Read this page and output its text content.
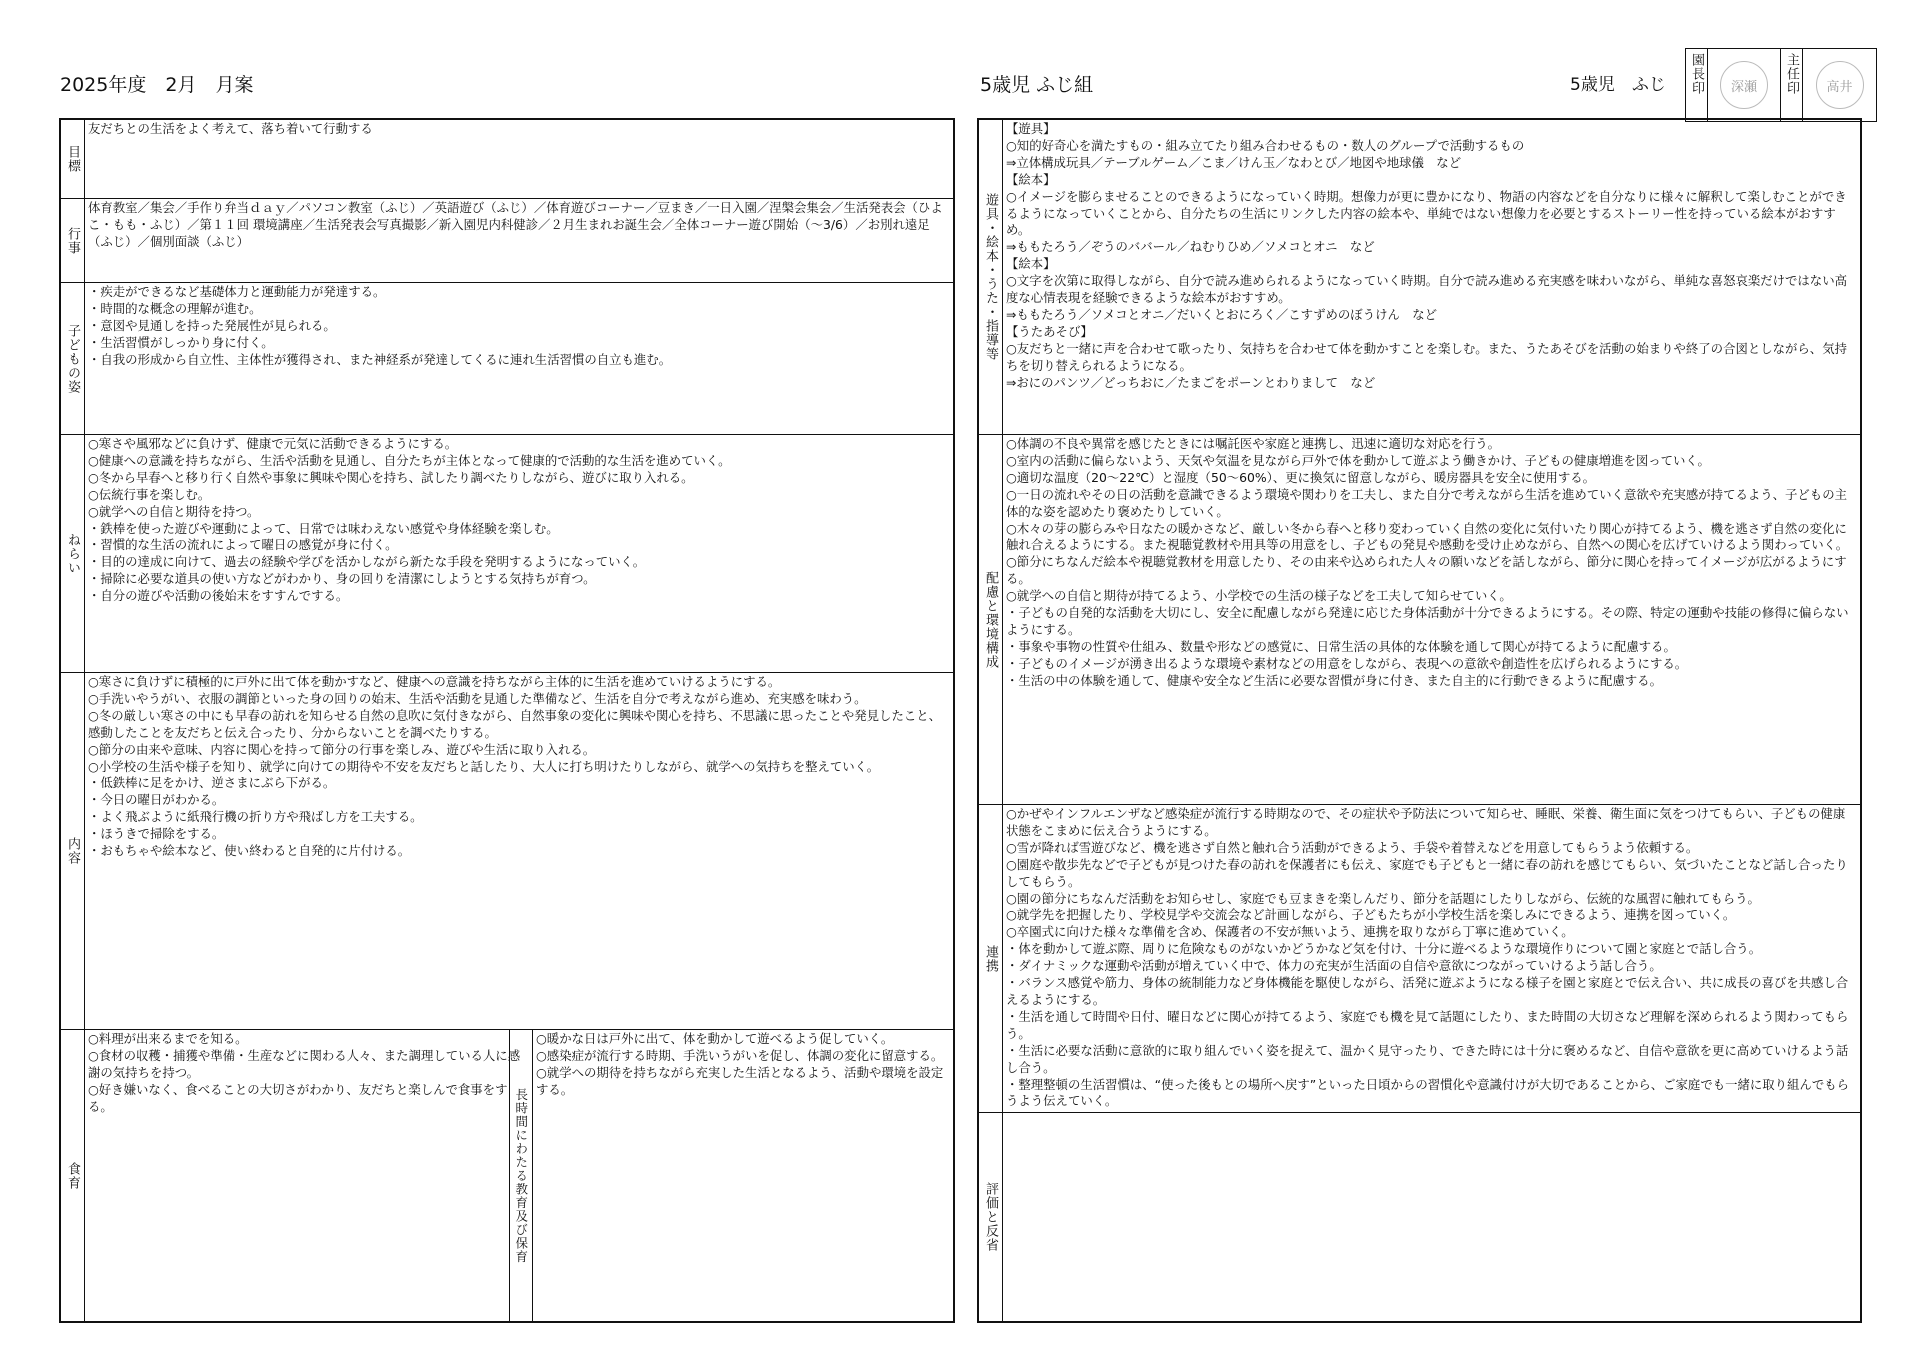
2025年度　2月　月案	5歳児 ふじ組	5歳児　ふじ 園長印	深瀬	主任印	高井
目標
友だちとの生活をよく考えて、落ち着いて行動する
行事
体育教室／集会／手作り弁当ｄａｙ／パソコン教室（ふじ）／英語遊び（ふじ）／体育遊びコーナー／豆まき／一日入園／涅槃会集会／生活発表会（ひよこ・もも・ふじ）／第１１回 環境講座／生活発表会写真撮影／新入園児内科健診／２月生まれお誕生会／全体コーナー遊び開始（～3/6）／お別れ遠足（ふじ）／個別面談（ふじ）
子どもの姿
・疾走ができるなど基礎体力と運動能力が発達する。
・時間的な概念の理解が進む。
・意図や見通しを持った発展性が見られる。
・生活習慣がしっかり身に付く。
・自我の形成から自立性、主体性が獲得され、また神経系が発達してくるに連れ生活習慣の自立も進む。
ねらい
○寒さや風邪などに負けず、健康で元気に活動できるようにする。
○健康への意識を持ちながら、生活や活動を見通し、自分たちが主体となって健康的で活動的な生活を進めていく。
○冬から早春へと移り行く自然や事象に興味や関心を持ち、試したり調べたりしながら、遊びに取り入れる。
○伝統行事を楽しむ。
○就学への自信と期待を持つ。
・鉄棒を使った遊びや運動によって、日常では味わえない感覚や身体経験を楽しむ。
・習慣的な生活の流れによって曜日の感覚が身に付く。
・目的の達成に向けて、過去の経験や学びを活かしながら新たな手段を発明するようになっていく。
・掃除に必要な道具の使い方などがわかり、身の回りを清潔にしようとする気持ちが育つ。
・自分の遊びや活動の後始末をすすんでする。
内容
○寒さに負けずに積極的に戸外に出て体を動かすなど、健康への意識を持ちながら主体的に生活を進めていけるようにする。
○手洗いやうがい、衣服の調節といった身の回りの始末、生活や活動を見通した準備など、生活を自分で考えながら進め、充実感を味わう。
○冬の厳しい寒さの中にも早春の訪れを知らせる自然の息吹に気付きながら、自然事象の変化に興味や関心を持ち、不思議に思ったことや発見したこと、感動したことを友だちと伝え合ったり、分からないことを調べたりする。
○節分の由来や意味、内容に関心を持って節分の行事を楽しみ、遊びや生活に取り入れる。
○小学校の生活や様子を知り、就学に向けての期待や不安を友だちと話したり、大人に打ち明けたりしながら、就学への気持ちを整えていく。
・低鉄棒に足をかけ、逆さまにぶら下がる。
・今日の曜日がわかる。
・よく飛ぶように紙飛行機の折り方や飛ばし方を工夫する。
・ほうきで掃除をする。
・おもちゃや絵本など、使い終わると自発的に片付ける。
食育
○料理が出来るまでを知る。
○食材の収穫・捕獲や準備・生産などに関わる人々、また調理している人に感謝の気持ちを持つ。
○好き嫌いなく、食べることの大切さがわかり、友だちと楽しんで食事をする。	長時間にわたる教育及び保育
○暖かな日は戸外に出て、体を動かして遊べるよう促していく。
○感染症が流行する時期、手洗いうがいを促し、体調の変化に留意する。
○就学への期待を持ちながら充実した生活となるよう、活動や環境を設定する。
遊具・絵本・うた・指導等
【遊具】
○知的好奇心を満たすもの・組み立てたり組み合わせるもの・数人のグループで活動するもの
⇒立体構成玩具／テーブルゲーム／こま／けん玉／なわとび／地図や地球儀　など
【絵本】
○イメージを膨らませることのできるようになっていく時期。想像力が更に豊かになり、物語の内容などを自分なりに様々に解釈して楽しむことができるようになっていくことから、自分たちの生活にリンクした内容の絵本や、単純ではない想像力を必要とするストーリー性を持っている絵本がおすすめ。
⇒ももたろう／ぞうのババール／ねむりひめ／ソメコとオニ　など
【絵本】
○文字を次第に取得しながら、自分で読み進められるようになっていく時期。自分で読み進める充実感を味わいながら、単純な喜怒哀楽だけではない高度な心情表現を経験できるような絵本がおすすめ。
⇒ももたろう／ソメコとオニ／だいくとおにろく／こすずめのぼうけん　など
【うたあそび】
○友だちと一緒に声を合わせて歌ったり、気持ちを合わせて体を動かすことを楽しむ。また、うたあそびを活動の始まりや終了の合図としながら、気持ちを切り替えられるようになる。
⇒おにのパンツ／どっちおに／たまごをポーンとわりまして　など
配慮と環境構成
○体調の不良や異常を感じたときには嘱託医や家庭と連携し、迅速に適切な対応を行う。
○室内の活動に偏らないよう、天気や気温を見ながら戸外で体を動かして遊ぶよう働きかけ、子どもの健康増進を図っていく。
○適切な温度（20～22℃）と湿度（50～60%）、更に換気に留意しながら、暖房器具を安全に使用する。
○一日の流れやその日の活動を意識できるよう環境や関わりを工夫し、また自分で考えながら生活を進めていく意欲や充実感が持てるよう、子どもの主体的な姿を認めたり褒めたりしていく。
○木々の芽の膨らみや日なたの暖かさなど、厳しい冬から春へと移り変わっていく自然の変化に気付いたり関心が持てるよう、機を逃さず自然の変化に触れ合えるようにする。また視聴覚教材や用具等の用意をし、子どもの発見や感動を受け止めながら、自然への関心を広げていけるよう関わっていく。
○節分にちなんだ絵本や視聴覚教材を用意したり、その由来や込められた人々の願いなどを話しながら、節分に関心を持ってイメージが広がるようにする。
○就学への自信と期待が持てるよう、小学校での生活の様子などを工夫して知らせていく。
・子どもの自発的な活動を大切にし、安全に配慮しながら発達に応じた身体活動が十分できるようにする。その際、特定の運動や技能の修得に偏らないようにする。
・事象や事物の性質や仕組み、数量や形などの感覚に、日常生活の具体的な体験を通して関心が持てるように配慮する。
・子どものイメージが湧き出るような環境や素材などの用意をしながら、表現への意欲や創造性を広げられるようにする。
・生活の中の体験を通して、健康や安全など生活に必要な習慣が身に付き、また自主的に行動できるように配慮する。
連携
○かぜやインフルエンザなど感染症が流行する時期なので、その症状や予防法について知らせ、睡眠、栄養、衛生面に気をつけてもらい、子どもの健康状態をこまめに伝え合うようにする。
○雪が降れば雪遊びなど、機を逃さず自然と触れ合う活動ができるよう、手袋や着替えなどを用意してもらうよう依頼する。
○園庭や散歩先などで子どもが見つけた春の訪れを保護者にも伝え、家庭でも子どもと一緒に春の訪れを感じてもらい、気づいたことなど話し合ったりしてもらう。
○園の節分にちなんだ活動をお知らせし、家庭でも豆まきを楽しんだり、節分を話題にしたりしながら、伝統的な風習に触れてもらう。
○就学先を把握したり、学校見学や交流会など計画しながら、子どもたちが小学校生活を楽しみにできるよう、連携を図っていく。
○卒園式に向けた様々な準備を含め、保護者の不安が無いよう、連携を取りながら丁寧に進めていく。
・体を動かして遊ぶ際、周りに危険なものがないかどうかなど気を付け、十分に遊べるような環境作りについて園と家庭とで話し合う。
・ダイナミックな運動や活動が増えていく中で、体力の充実が生活面の自信や意欲につながっていけるよう話し合う。
・バランス感覚や筋力、身体の統制能力など身体機能を駆使しながら、活発に遊ぶようになる様子を園と家庭とで伝え合い、共に成長の喜びを共感し合えるようにする。
・生活を通して時間や日付、曜日などに関心が持てるよう、家庭でも機を見て話題にしたり、また時間の大切さなど理解を深められるよう関わってもらう。
・生活に必要な活動に意欲的に取り組んでいく姿を捉えて、温かく見守ったり、できた時には十分に褒めるなど、自信や意欲を更に高めていけるよう話し合う。
・整理整頓の生活習慣は、“使った後もとの場所へ戻す”といった日頃からの習慣化や意識付けが大切であることから、ご家庭でも一緒に取り組んでもらうよう伝えていく。
評価と反省
